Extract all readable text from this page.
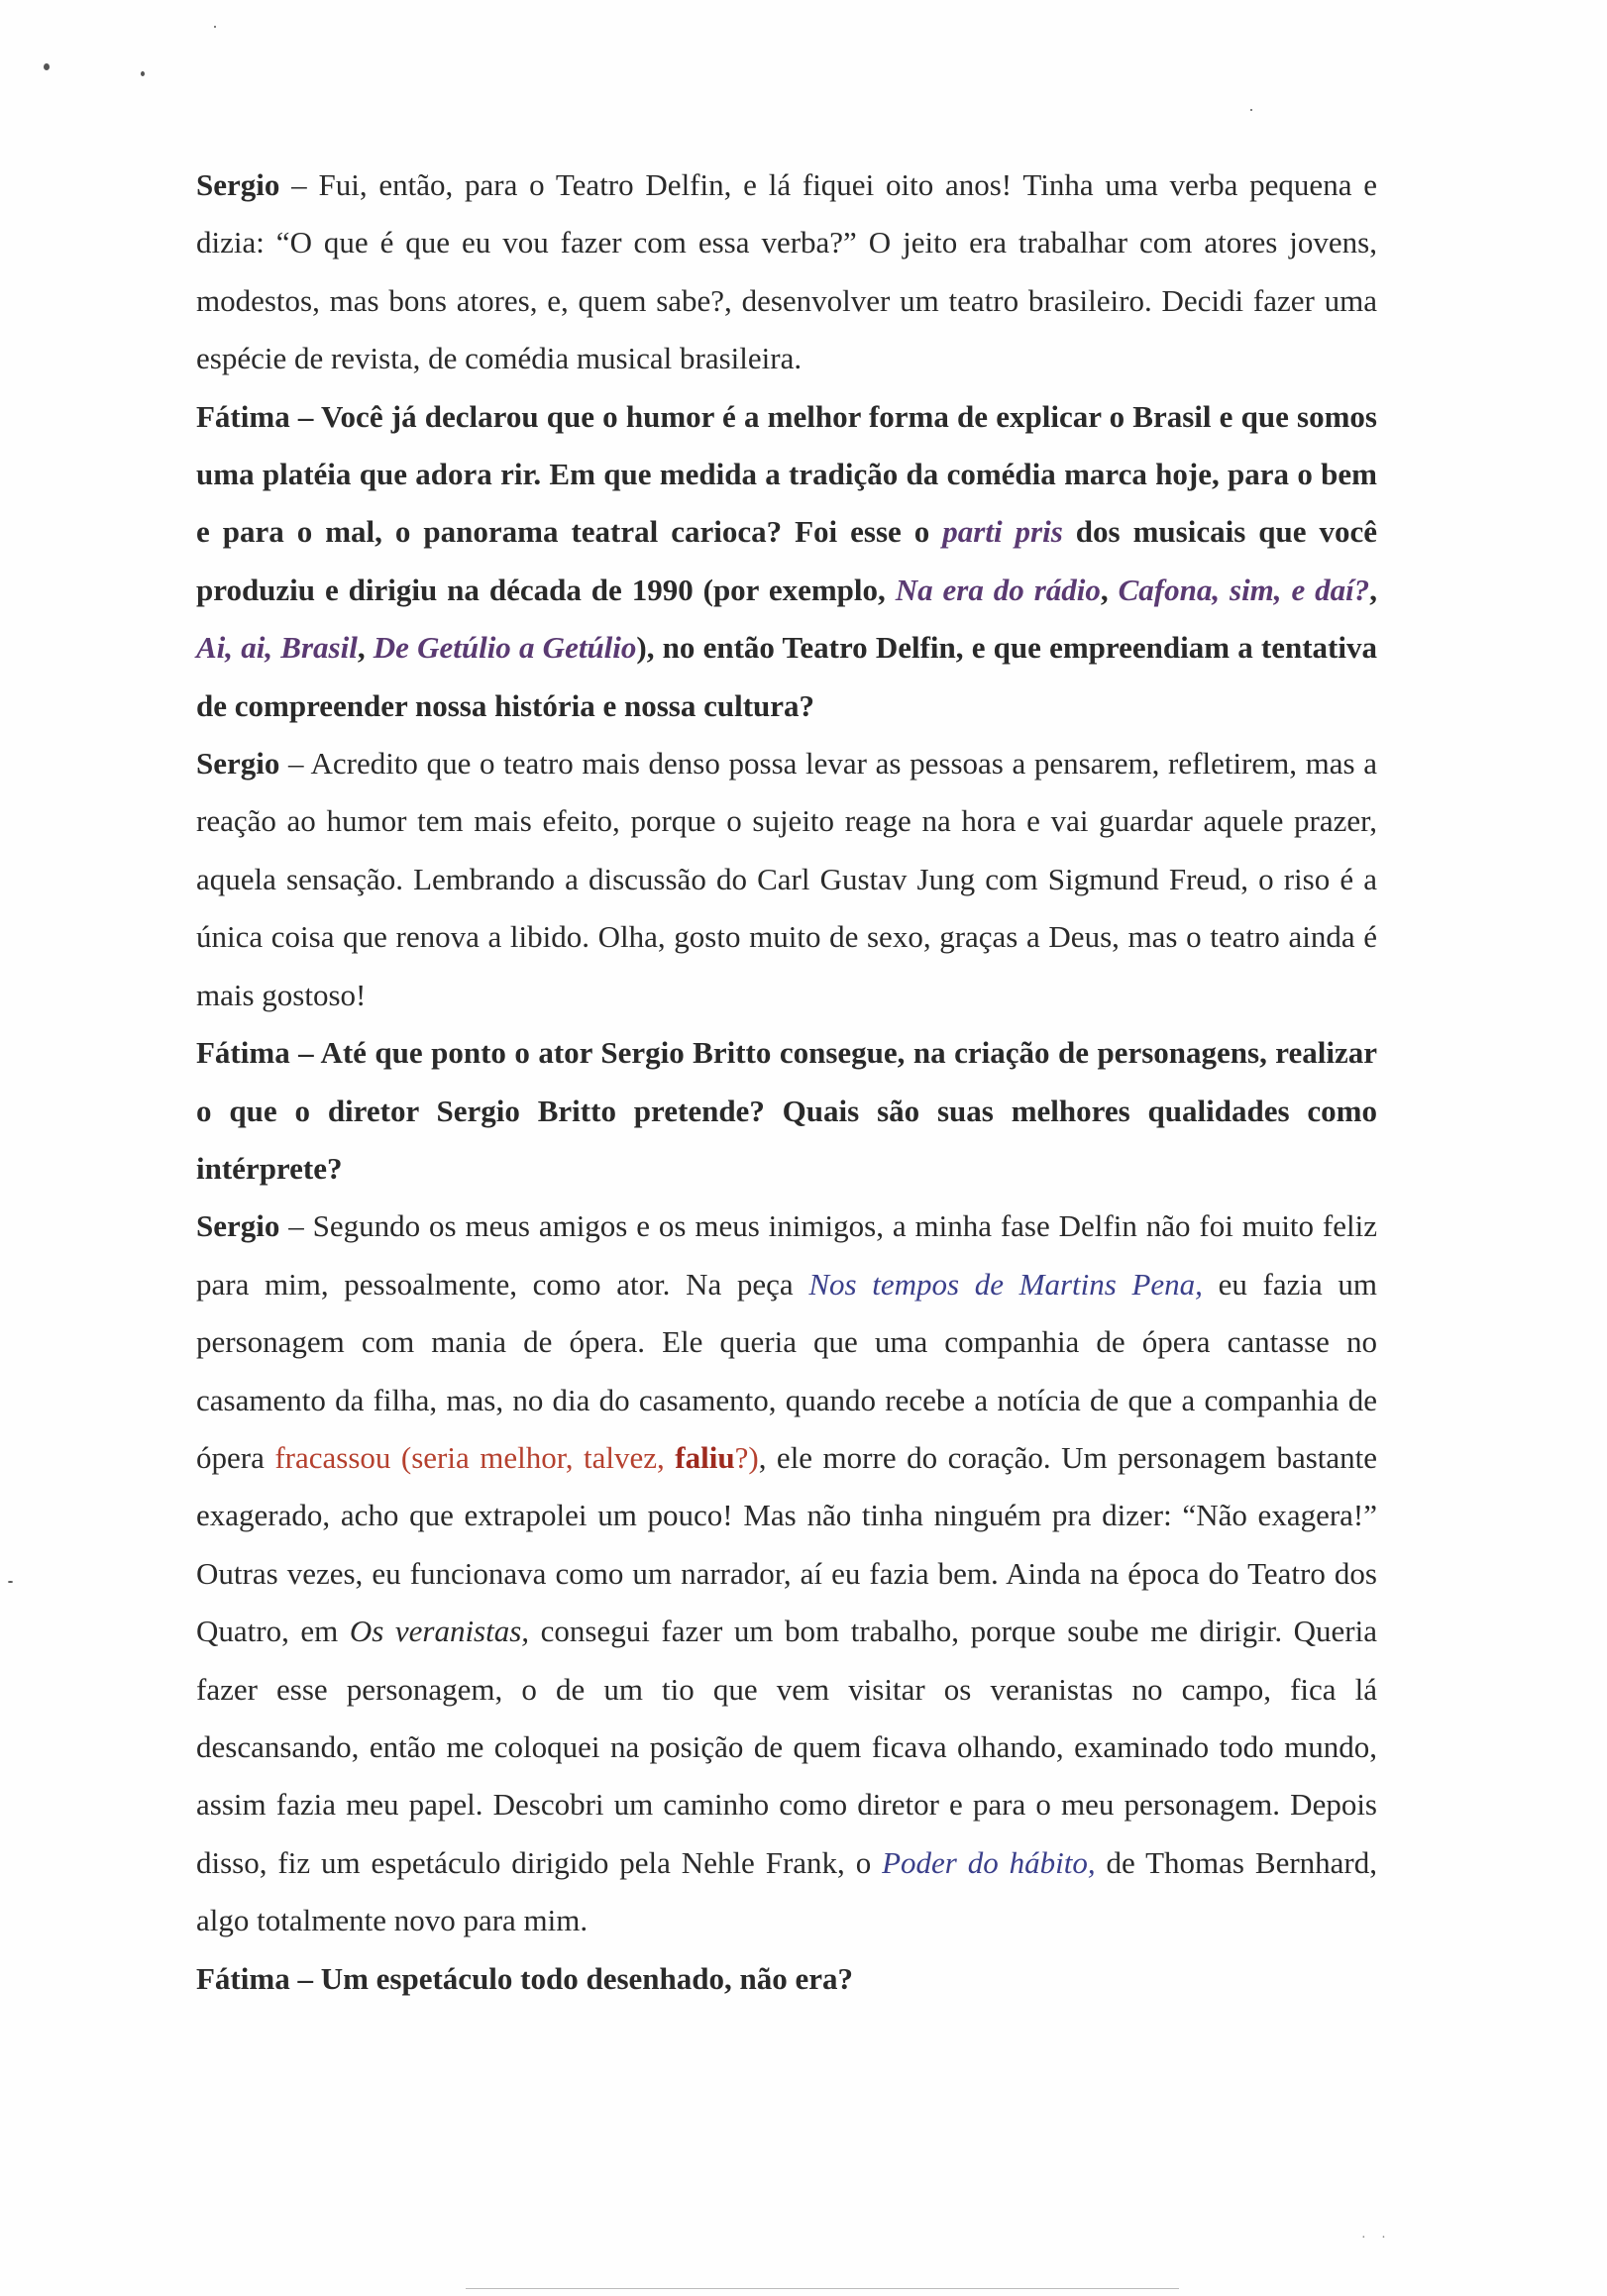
Sergio – Fui, então, para o Teatro Delfin, e lá fiquei oito anos! Tinha uma verba pequena e dizia: “O que é que eu vou fazer com essa verba?” O jeito era trabalhar com atores jovens, modestos, mas bons atores, e, quem sabe?, desenvolver um teatro brasileiro. Decidi fazer uma espécie de revista, de comédia musical brasileira.

Fátima – Você já declarou que o humor é a melhor forma de explicar o Brasil e que somos uma platéia que adora rir. Em que medida a tradição da comédia marca hoje, para o bem e para o mal, o panorama teatral carioca? Foi esse o parti pris dos musicais que você produziu e dirigiu na década de 1990 (por exemplo, Na era do rádio, Cafona, sim, e daí?, Ai, ai, Brasil, De Getúlio a Getúlio), no então Teatro Delfin, e que empreendiam a tentativa de compreender nossa história e nossa cultura?

Sergio – Acredito que o teatro mais denso possa levar as pessoas a pensarem, refletirem, mas a reação ao humor tem mais efeito, porque o sujeito reage na hora e vai guardar aquele prazer, aquela sensação. Lembrando a discussão do Carl Gustav Jung com Sigmund Freud, o riso é a única coisa que renova a libido. Olha, gosto muito de sexo, graças a Deus, mas o teatro ainda é mais gostoso!

Fátima – Até que ponto o ator Sergio Britto consegue, na criação de personagens, realizar o que o diretor Sergio Britto pretende? Quais são suas melhores qualidades como intérprete?

Sergio – Segundo os meus amigos e os meus inimigos, a minha fase Delfin não foi muito feliz para mim, pessoalmente, como ator. Na peça Nos tempos de Martins Pena, eu fazia um personagem com mania de ópera. Ele queria que uma companhia de ópera cantasse no casamento da filha, mas, no dia do casamento, quando recebe a notícia de que a companhia de ópera fracassou (seria melhor, talvez, faliu?), ele morre do coração. Um personagem bastante exagerado, acho que extrapolei um pouco! Mas não tinha ninguém pra dizer: “Não exagera!” Outras vezes, eu funcionava como um narrador, aí eu fazia bem. Ainda na época do Teatro dos Quatro, em Os veranistas, consegui fazer um bom trabalho, porque soube me dirigir. Queria fazer esse personagem, o de um tio que vem visitar os veranistas no campo, fica lá descansando, então me coloquei na posição de quem ficava olhando, examinado todo mundo, assim fazia meu papel. Descobri um caminho como diretor e para o meu personagem. Depois disso, fiz um espetáculo dirigido pela Nehle Frank, o Poder do hábito, de Thomas Bernhard, algo totalmente novo para mim.

Fátima – Um espetáculo todo desenhado, não era?

· ·
